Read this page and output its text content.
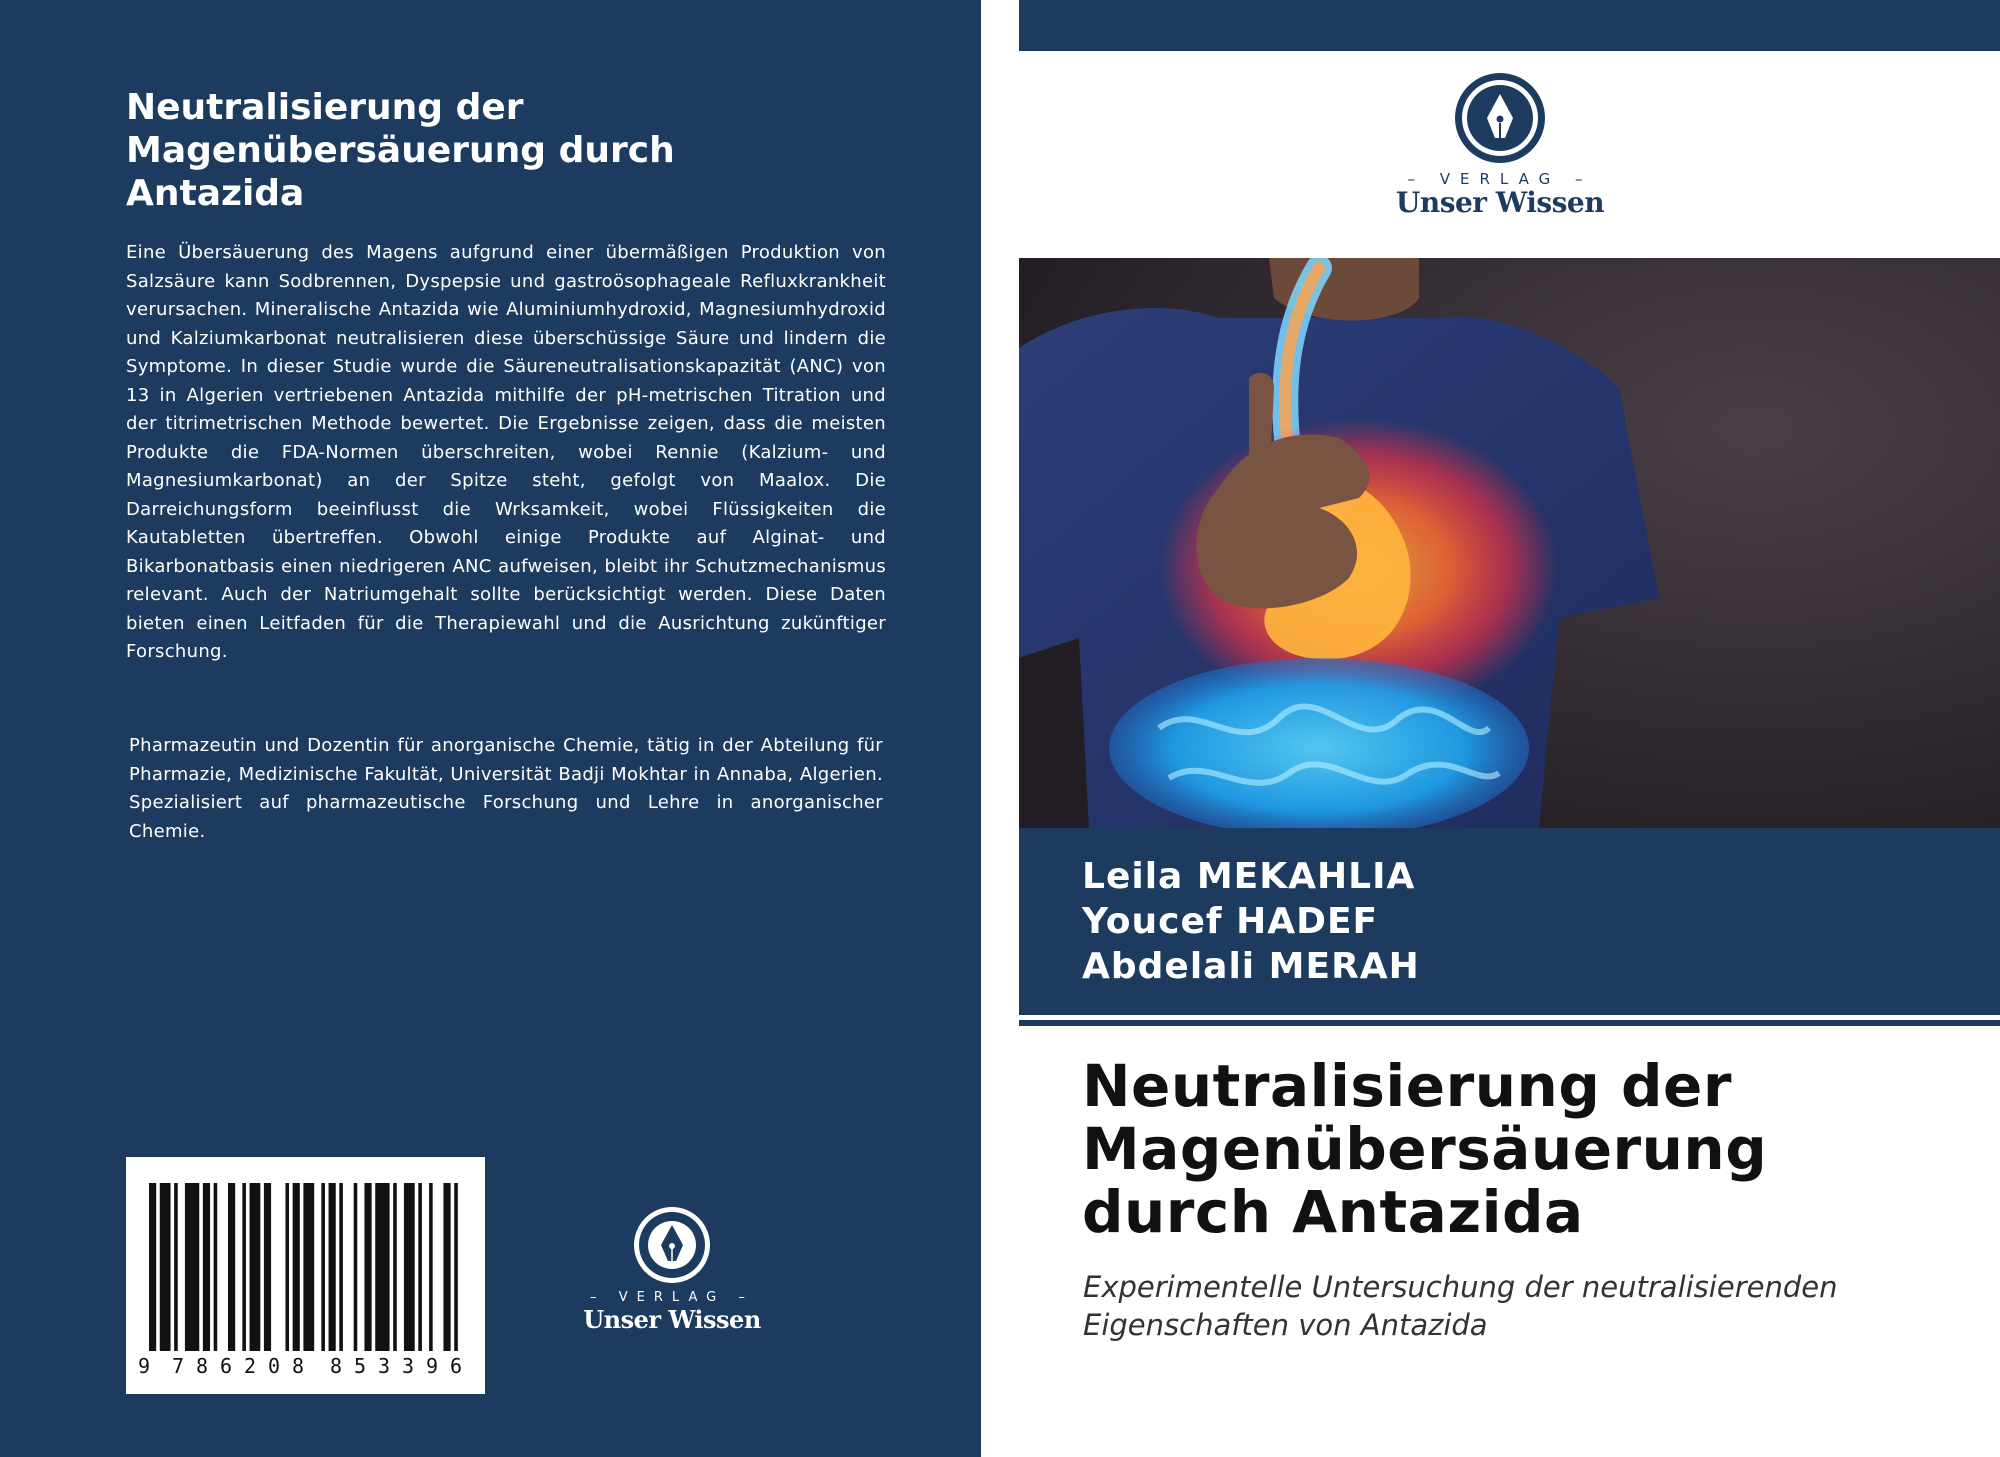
Neutralisierung der Magenübersäuerung durch Antazida

Eine Übersäuerung des Magens aufgrund einer übermäßigen Produktion von Salzsäure kann Sodbrennen, Dyspepsie und gastroösophageale Refluxkrankheit verursachen. Mineralische Antazida wie Aluminiumhydroxid, Magnesiumhydroxid und Kalziumkarbonat neutralisieren diese überschüssige Säure und lindern die Symptome. In dieser Studie wurde die Säureneutralisationskapazität (ANC) von 13 in Algerien vertriebenen Antazida mithilfe der pH-metrischen Titration und der titrimetrischen Methode bewertet. Die Ergebnisse zeigen, dass die meisten Produkte die FDA-Normen überschreiten, wobei Rennie (Kalzium- und Magnesiumkarbonat) an der Spitze steht, gefolgt von Maalox. Die Darreichungsform beeinflusst die Wrksamkeit, wobei Flüssigkeiten die Kautabletten übertreffen. Obwohl einige Produkte auf Alginat- und Bikarbonatbasis einen niedrigeren ANC aufweisen, bleibt ihr Schutzmechanismus relevant. Auch der Natriumgehalt sollte berücksichtigt werden. Diese Daten bieten einen Leitfaden für die Therapiewahl und die Ausrichtung zukünftiger Forschung.

Pharmazeutin und Dozentin für anorganische Chemie, tätig in der Abteilung für Pharmazie, Medizinische Fakultät, Universität Badji Mokhtar in Annaba, Algerien. Spezialisiert auf pharmazeutische Forschung und Lehre in anorganischer Chemie.

9 7 8 6 2 0 8 8 5 3 3 9 6
– VERLAG –
Unser Wissen
– VERLAG –
Unser Wissen

Leila MEKAHLIA

Youcef HADEF

Abdelali MERAH

Neutralisierung der Magenübersäuerung durch Antazida

Experimentelle Untersuchung der neutralisierenden Eigenschaften von Antazida
